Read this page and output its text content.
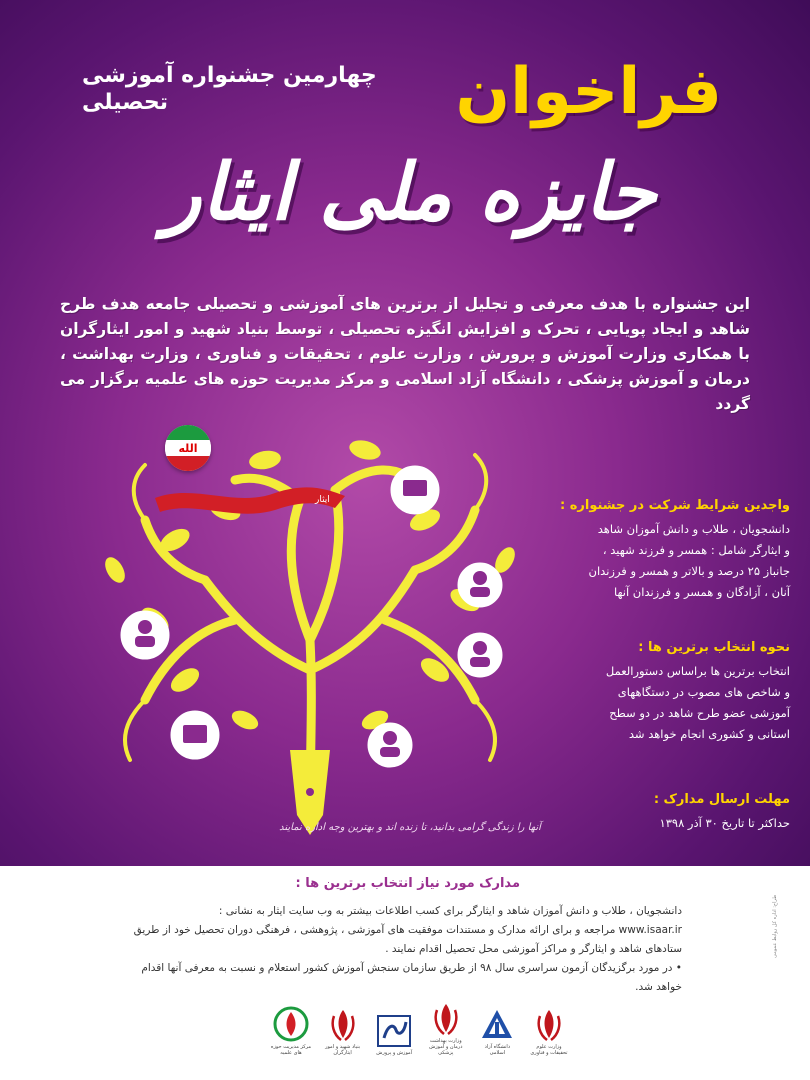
فراخوان
چهارمین جشنواره آموزشی تحصیلی
جایزه ملی ایثار
این جشنواره با هدف معرفی و تجلیل از برترین های آموزشی و تحصیلی جامعه هدف طرح شاهد و ایجاد پویایی ، تحرک و افزایش انگیزه تحصیلی ، توسط بنیاد شهید و امور ایثارگران با همکاری وزارت آموزش و پرورش ، وزارت علوم ، تحقیقات و فناوری ، وزارت بهداشت ، درمان و آموزش پزشکی ، دانشگاه آزاد اسلامی و مرکز مدیریت حوزه های علمیه برگزار می گردد
الله
ایثار	واجدین شرایط شرکت در جشنواره :
دانشجویان ، طلاب و دانش آموزان شاهد
و ایثارگر شامل : همسر و فرزند شهید ،
جانباز ۲۵ درصد و بالاتر و همسر و فرزندان
آنان ، آزادگان و همسر و فرزندان آنها
نحوه انتخاب برترین ها :
انتخاب برترین ها براساس دستورالعمل
و شاخص های مصوب در دستگاههای
آموزشی عضو طرح شاهد در دو سطح
استانی و کشوری انجام خواهد شد
مهلت ارسال مدارک :
حداکثر تا تاریخ ۳۰ آذر ۱۳۹۸
آنها را زندگی گرامی بدانید، تا زنده اند و بهترین وجه اداره نمایند
مدارک مورد نیاز انتخاب برترین ها :
دانشجویان ، طلاب و دانش آموزان شاهد و ایثارگر برای کسب اطلاعات بیشتر به وب سایت ایثار به نشانی :
www.isaar.ir مراجعه و برای ارائه مدارک و مستندات موفقیت های آموزشی ، پژوهشی ، فرهنگی دوران تحصیل خود از طریق
ستادهای شاهد و ایثارگر و مراکز آموزشی محل تحصیل اقدام نمایند .
• در مورد برگزیدگان آزمون سراسری سال ۹۸ از طریق سازمان سنجش آموزش کشور استعلام و نسبت به معرفی آنها اقدام خواهد شد.
وزارت علوم تحقیقات و فناوری
دانشگاه آزاد اسلامی
وزارت بهداشت درمان و آموزش پزشکی
آموزش و پرورش
بنیاد شهید و امور ایثارگران
مرکز مدیریت حوزه های علمیه
طراح: اداره کل روابط عمومی
